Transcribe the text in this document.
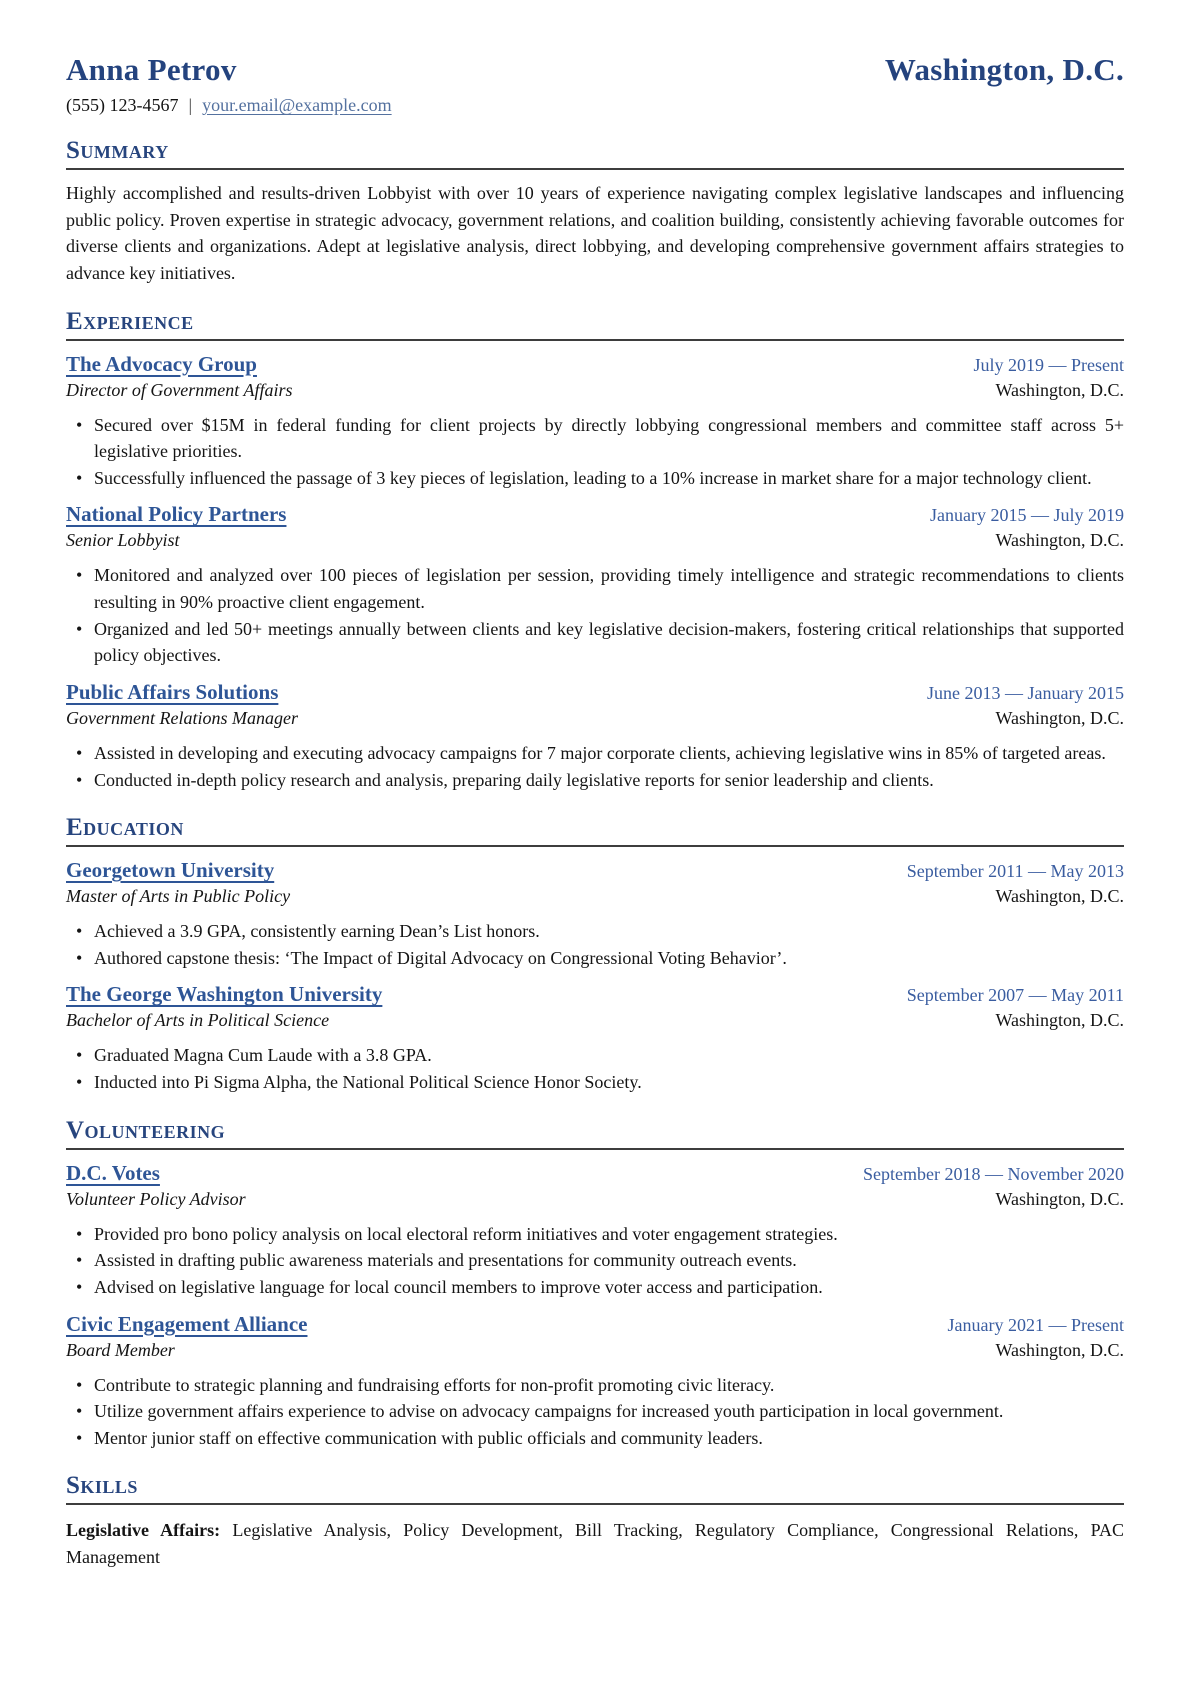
Anna Petrov	Washington, D.C.
(555) 123-4567 | your.email@example.com
Summary
Highly accomplished and results-driven Lobbyist with over 10 years of experience navigating complex legislative landscapes and influencing public policy. Proven expertise in strategic advocacy, government relations, and coalition building, consistently achieving favorable outcomes for diverse clients and organizations. Adept at legislative analysis, direct lobbying, and developing comprehensive government affairs strategies to advance key initiatives.
Experience
The Advocacy Group	July 2019 — Present
Director of Government Affairs	Washington, D.C.
• Secured over $15M in federal funding for client projects by directly lobbying congressional members and committee staff across 5+ legislative priorities.
• Successfully influenced the passage of 3 key pieces of legislation, leading to a 10% increase in market share for a major technology client.
National Policy Partners	January 2015 — July 2019
Senior Lobbyist	Washington, D.C.
• Monitored and analyzed over 100 pieces of legislation per session, providing timely intelligence and strategic recommendations to clients resulting in 90% proactive client engagement.
• Organized and led 50+ meetings annually between clients and key legislative decision-makers, fostering critical relationships that supported policy objectives.
Public Affairs Solutions	June 2013 — January 2015
Government Relations Manager	Washington, D.C.
• Assisted in developing and executing advocacy campaigns for 7 major corporate clients, achieving legislative wins in 85% of targeted areas.
• Conducted in-depth policy research and analysis, preparing daily legislative reports for senior leadership and clients.
Education
Georgetown University	September 2011 — May 2013
Master of Arts in Public Policy	Washington, D.C.
• Achieved a 3.9 GPA, consistently earning Dean’s List honors.
• Authored capstone thesis: ‘The Impact of Digital Advocacy on Congressional Voting Behavior’.
The George Washington University	September 2007 — May 2011
Bachelor of Arts in Political Science	Washington, D.C.
• Graduated Magna Cum Laude with a 3.8 GPA.
• Inducted into Pi Sigma Alpha, the National Political Science Honor Society.
Volunteering
D.C. Votes	September 2018 — November 2020
Volunteer Policy Advisor	Washington, D.C.
• Provided pro bono policy analysis on local electoral reform initiatives and voter engagement strategies.
• Assisted in drafting public awareness materials and presentations for community outreach events.
• Advised on legislative language for local council members to improve voter access and participation.
Civic Engagement Alliance	January 2021 — Present
Board Member	Washington, D.C.
• Contribute to strategic planning and fundraising efforts for non-profit promoting civic literacy.
• Utilize government affairs experience to advise on advocacy campaigns for increased youth participation in local government.
• Mentor junior staff on effective communication with public officials and community leaders.
Skills
Legislative Affairs: Legislative Analysis, Policy Development, Bill Tracking, Regulatory Compliance, Congressional Relations, PAC Management
